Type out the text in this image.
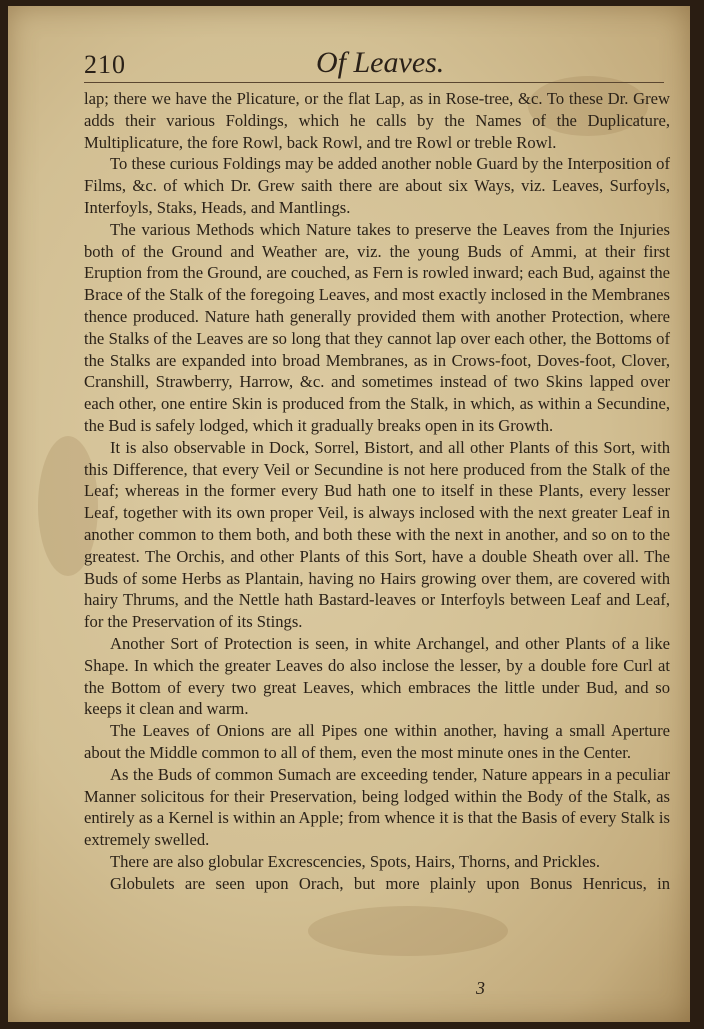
210	Of Leaves.

lap; there we have the Plicature, or the flat Lap, as in Rose-tree, &c. To these Dr. Grew adds their various Foldings, which he calls by the Names of the Duplicature, Multiplicature, the fore Rowl, back Rowl, and tre Rowl or treble Rowl.

To these curious Foldings may be added another noble Guard by the Interposition of Films, &c. of which Dr. Grew saith there are about six Ways, viz. Leaves, Surfoyls, Interfoyls, Staks, Heads, and Mantlings.

The various Methods which Nature takes to preserve the Leaves from the Injuries both of the Ground and Weather are, viz. the young Buds of Ammi, at their first Eruption from the Ground, are couched, as Fern is rowled inward; each Bud, against the Brace of the Stalk of the foregoing Leaves, and most exactly inclosed in the Membranes thence produced. Nature hath generally provided them with another Protection, where the Stalks of the Leaves are so long that they cannot lap over each other, the Bottoms of the Stalks are expanded into broad Membranes, as in Crows-foot, Doves-foot, Clover, Cranshill, Strawberry, Harrow, &c. and sometimes instead of two Skins lapped over each other, one entire Skin is produced from the Stalk, in which, as within a Secundine, the Bud is safely lodged, which it gradually breaks open in its Growth.

It is also observable in Dock, Sorrel, Bistort, and all other Plants of this Sort, with this Difference, that every Veil or Secundine is not here produced from the Stalk of the Leaf; whereas in the former every Bud hath one to itself in these Plants, every lesser Leaf, together with its own proper Veil, is always inclosed with the next greater Leaf in another common to them both, and both these with the next in another, and so on to the greatest. The Orchis, and other Plants of this Sort, have a double Sheath over all. The Buds of some Herbs as Plantain, having no Hairs growing over them, are covered with hairy Thrums, and the Nettle hath Bastard-leaves or Interfoyls between Leaf and Leaf, for the Preservation of its Stings.

Another Sort of Protection is seen, in white Archangel, and other Plants of a like Shape. In which the greater Leaves do also inclose the lesser, by a double fore Curl at the Bottom of every two great Leaves, which embraces the little under Bud, and so keeps it clean and warm.

The Leaves of Onions are all Pipes one within another, having a small Aperture about the Middle common to all of them, even the most minute ones in the Center.

As the Buds of common Sumach are exceeding tender, Nature appears in a peculiar Manner solicitous for their Preservation, being lodged within the Body of the Stalk, as entirely as a Kernel is within an Apple; from whence it is that the Basis of every Stalk is extremely swelled.

There are also globular Excrescencies, Spots, Hairs, Thorns, and Prickles.

Globulets are seen upon Orach, but more plainly upon Bonus Henricus, in

3
